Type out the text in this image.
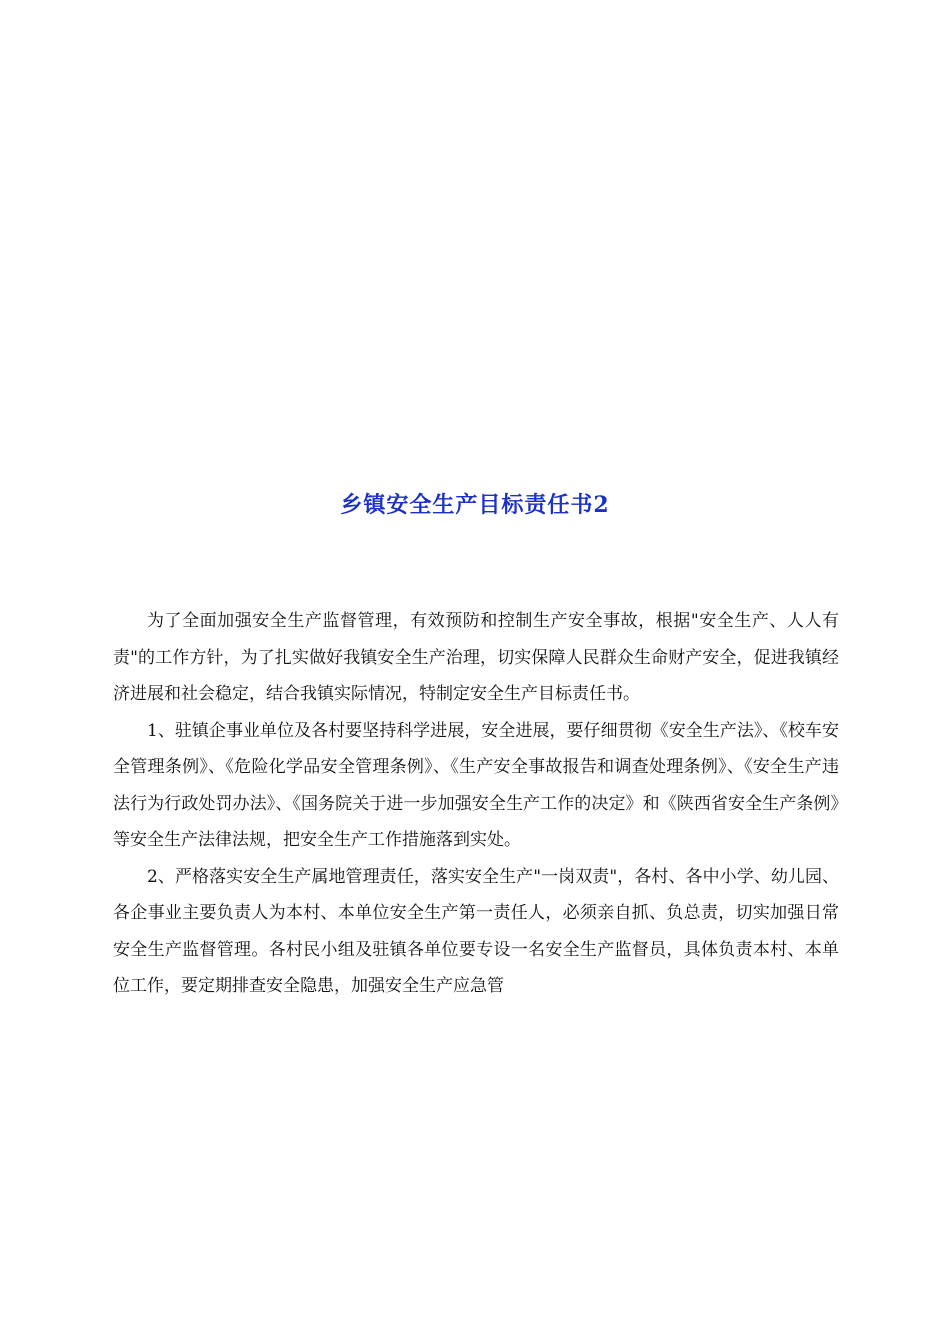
乡镇安全生产目标责任书2

为了全面加强安全生产监督管理，有效预防和控制生产安全事故，根据"安全生产、人人有责"的工作方针，为了扎实做好我镇安全生产治理，切实保障人民群众生命财产安全，促进我镇经济进展和社会稳定，结合我镇实际情况，特制定安全生产目标责任书。

1、驻镇企事业单位及各村要坚持科学进展，安全进展，要仔细贯彻《安全生产法》、《校车安全管理条例》、《危险化学品安全管理条例》、《生产安全事故报告和调查处理条例》、《安全生产违法行为行政处罚办法》、《国务院关于进一步加强安全生产工作的决定》和《陕西省安全生产条例》等安全生产法律法规，把安全生产工作措施落到实处。

2、严格落实安全生产属地管理责任，落实安全生产"一岗双责"，各村、各中小学、幼儿园、各企事业主要负责人为本村、本单位安全生产第一责任人，必须亲自抓、负总责，切实加强日常安全生产监督管理。各村民小组及驻镇各单位要专设一名安全生产监督员，具体负责本村、本单位工作，要定期排查安全隐患，加强安全生产应急管
